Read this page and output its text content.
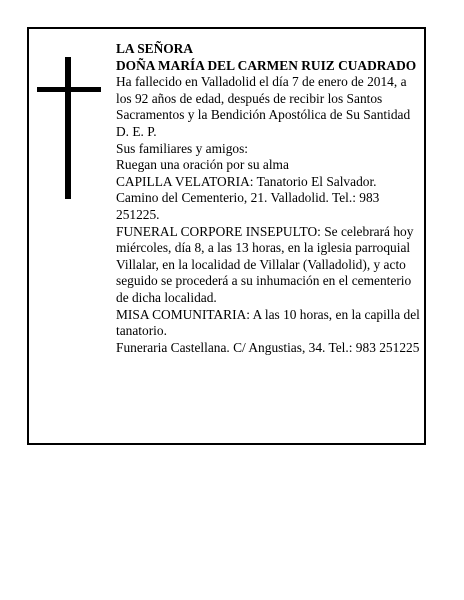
LA SEÑORA

DOÑA MARÍA DEL CARMEN RUIZ CUADRADO

Ha fallecido en Valladolid el día 7 de enero de 2014, a los 92 años de edad, después de recibir los Santos Sacramentos y la Bendición Apostólica de Su Santidad

D. E. P.

Sus familiares y amigos:

Ruegan una oración por su alma

CAPILLA VELATORIA: Tanatorio El Salvador. Camino del Cementerio, 21. Valladolid. Tel.: 983 251225.

FUNERAL CORPORE INSEPULTO: Se celebrará hoy miércoles, día 8, a las 13 horas, en la iglesia parroquial Villalar, en la localidad de Villalar (Valladolid), y acto seguido se procederá a su inhumación en el cementerio de dicha localidad.

MISA COMUNITARIA: A las 10 horas, en la capilla del tanatorio.

Funeraria Castellana. C/ Angustias, 34. Tel.: 983 251225
